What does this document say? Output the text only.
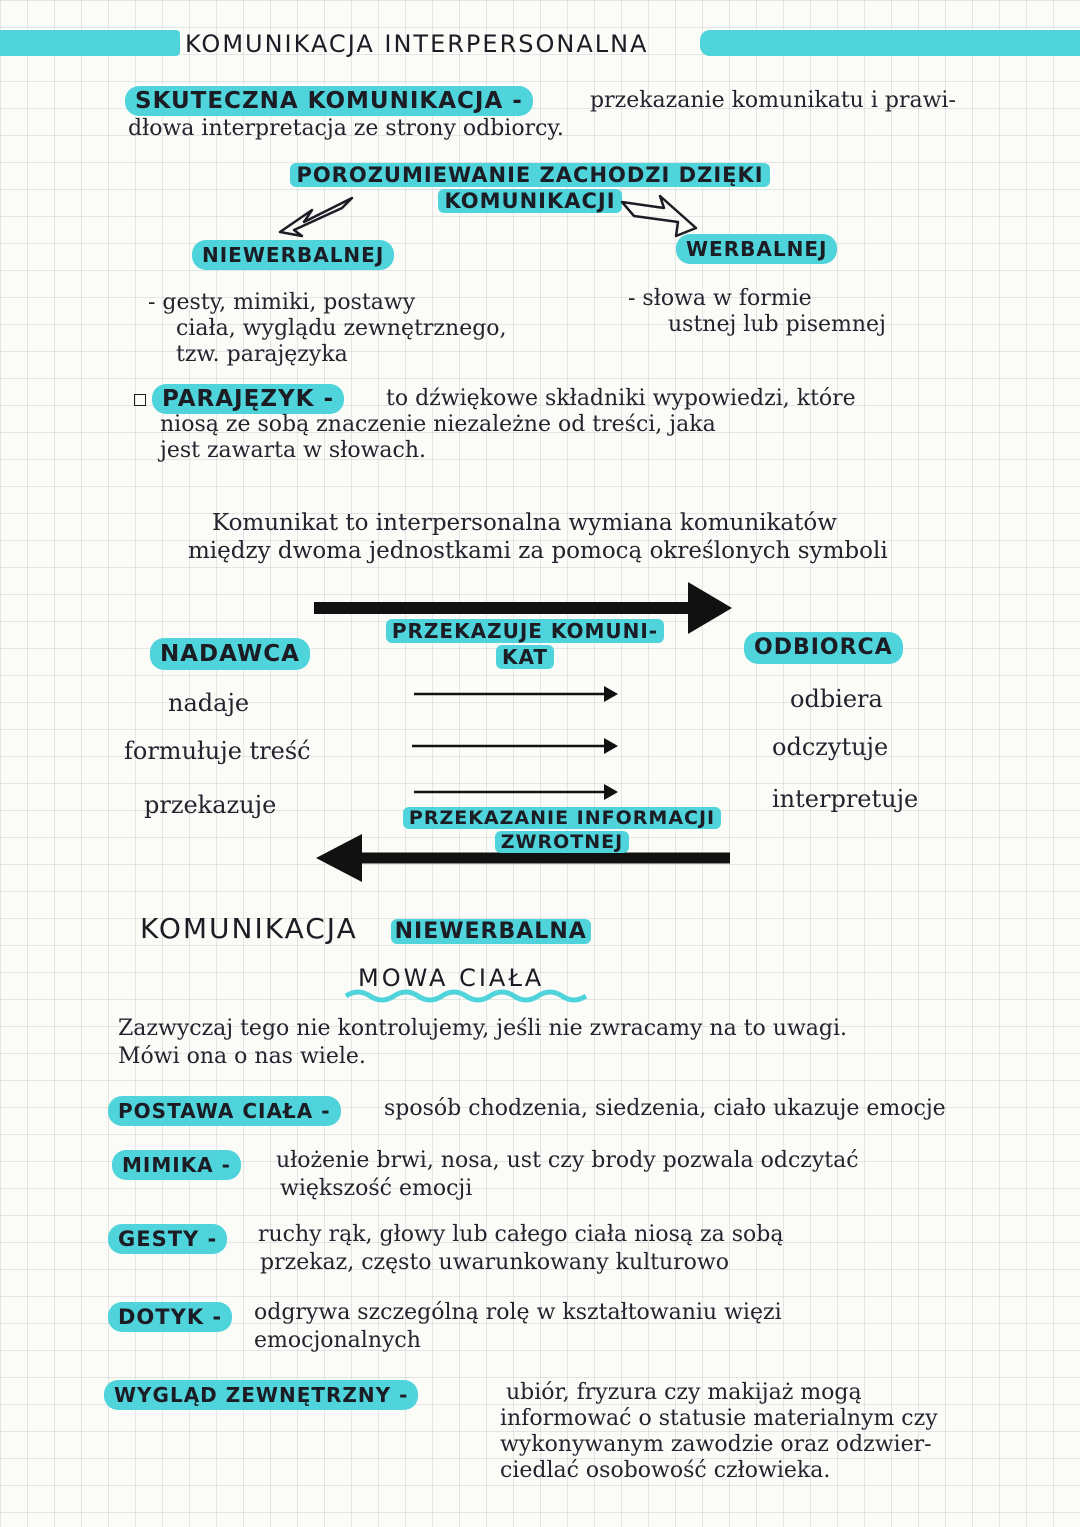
KOMUNIKACJA INTERPERSONALNA
SKUTECZNA KOMUNIKACJA -	przekazanie komunikatu i prawi-
dłowa interpretacja ze strony odbiorcy.
POROZUMIEWANIE ZACHODZI DZIĘKI
KOMUNIKACJI
NIEWERBALNEJ	WERBALNEJ
- gesty, mimiki, postawy
ciała, wyglądu zewnętrznego,
tzw. parajęzyka
- słowa w formie
ustnej lub pisemnej
PARAJĘZYK -	to dźwiękowe składniki wypowiedzi, które
niosą ze sobą znaczenie niezależne od treści, jaka
jest zawarta w słowach.
Komunikat to interpersonalna wymiana komunikatów
między dwoma jednostkami za pomocą określonych symboli
PRZEKAZUJE KOMUNI-
KAT
NADAWCA	ODBIORCA
nadaje
formułuje treść
przekazuje
odbiera
odczytuje
interpretuje
PRZEKAZANIE INFORMACJI
ZWROTNEJ
KOMUNIKACJA NIEWERBALNA
MOWA CIAŁA
Zazwyczaj tego nie kontrolujemy, jeśli nie zwracamy na to uwagi.
Mówi ona o nas wiele.
POSTAWA CIAŁA -	sposób chodzenia, siedzenia, ciało ukazuje emocje
MIMIKA -	ułożenie brwi, nosa, ust czy brody pozwala odczytać
większość emocji
GESTY -	ruchy rąk, głowy lub całego ciała niosą za sobą
przekaz, często uwarunkowany kulturowo
DOTYK -	odgrywa szczególną rolę w kształtowaniu więzi
emocjonalnych
WYGLĄD ZEWNĘTRZNY -	ubiór, fryzura czy makijaż mogą
informować o statusie materialnym czy
wykonywanym zawodzie oraz odzwier-
ciedlać osobowość człowieka.
